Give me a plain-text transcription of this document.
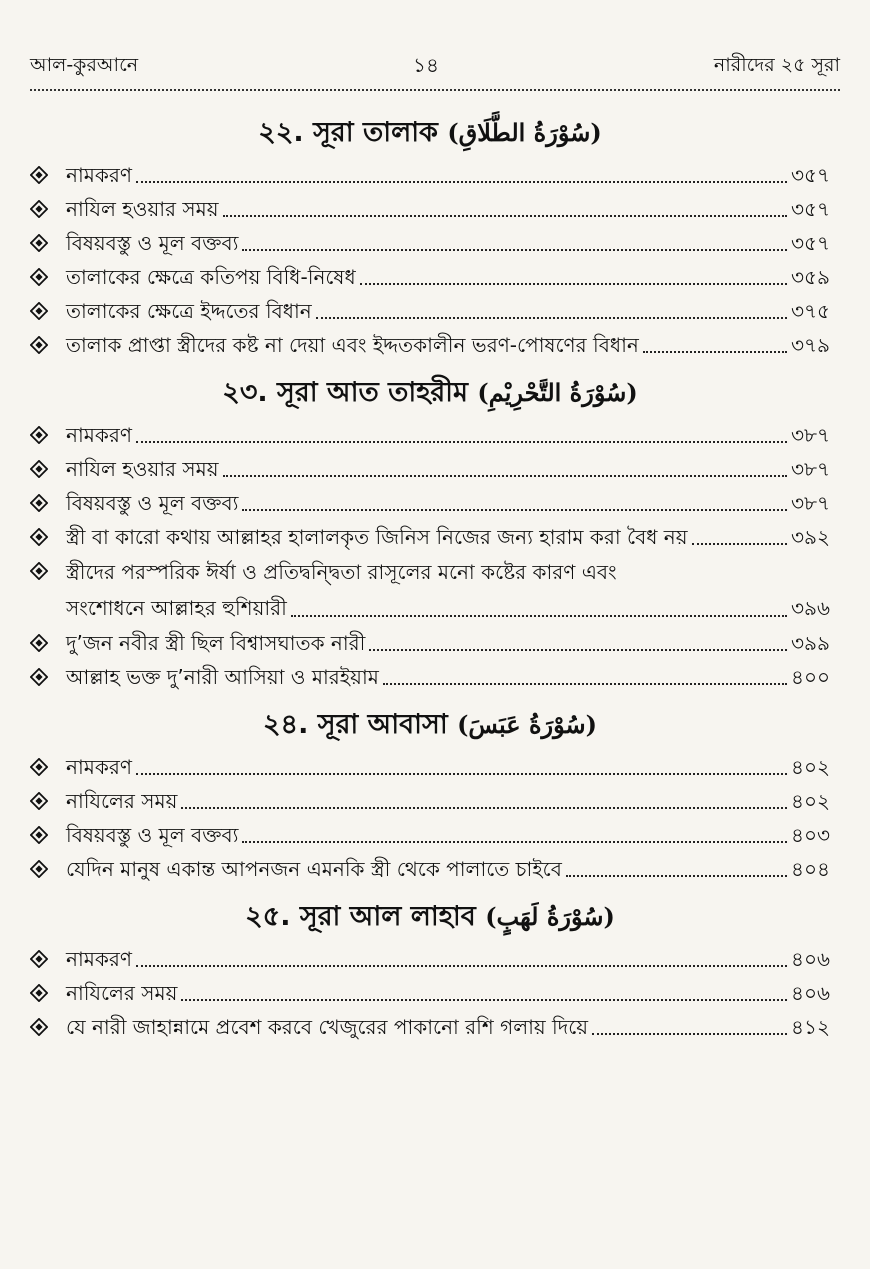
আল-কুরআনে	১৪	নারীদের ২৫ সূরা
২২. সূরা তালাক (سُوْرَةُ الطَّلَاقِ)
নামকরণ	৩৫৭
নাযিল হওয়ার সময়	৩৫৭
বিষয়বস্তু ও মূল বক্তব্য	৩৫৭
তালাকের ক্ষেত্রে কতিপয় বিধি-নিষেধ	৩৫৯
তালাকের ক্ষেত্রে ইদ্দতের বিধান	৩৭৫
তালাক প্রাপ্তা স্ত্রীদের কষ্ট না দেয়া এবং ইদ্দতকালীন ভরণ-পোষণের বিধান	৩৭৯
২৩. সূরা আত তাহরীম (سُوْرَةُ التَّحْرِيْمِ)
নামকরণ	৩৮৭
নাযিল হওয়ার সময়	৩৮৭
বিষয়বস্তু ও মূল বক্তব্য	৩৮৭
স্ত্রী বা কারো কথায় আল্লাহর হালালকৃত জিনিস নিজের জন্য হারাম করা বৈধ নয়	৩৯২
স্ত্রীদের পরস্পরিক ঈর্ষা ও প্রতিদ্বন্দ্বিতা রাসূলের মনো কষ্টের কারণ এবং
সংশোধনে আল্লাহর হুশিয়ারী	৩৯৬
দু’জন নবীর স্ত্রী ছিল বিশ্বাসঘাতক নারী	৩৯৯
আল্লাহ ভক্ত দু’নারী আসিয়া ও মারইয়াম	৪০০
২৪. সূরা আবাসা (سُوْرَةُ عَبَسَ)
নামকরণ	৪০২
নাযিলের সময়	৪০২
বিষয়বস্তু ও মূল বক্তব্য	৪০৩
যেদিন মানুষ একান্ত আপনজন এমনকি স্ত্রী থেকে পালাতে চাইবে	৪০৪
২৫. সূরা আল লাহাব (سُوْرَةُ لَهَبٍ)
নামকরণ	৪০৬
নাযিলের সময়	৪০৬
যে নারী জাহান্নামে প্রবেশ করবে খেজুরের পাকানো রশি গলায় দিয়ে	৪১২
